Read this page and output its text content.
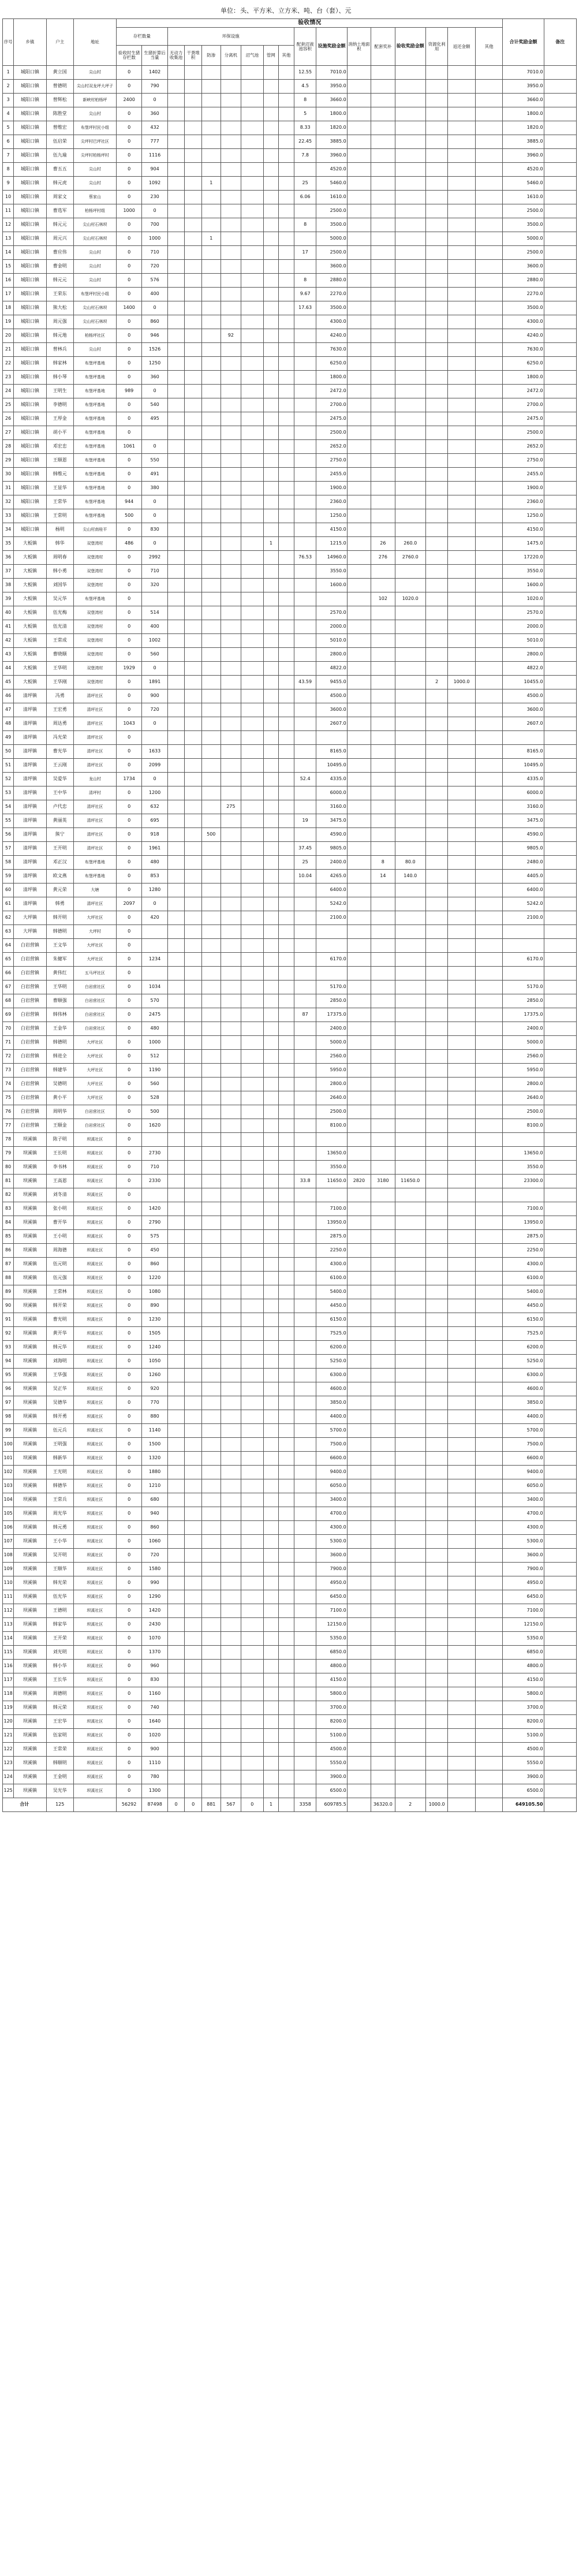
单位： 头、平方米、立方米、吨、台（套）、元
序号	乡镇	户主	地址	验收情况																	合计奖励金额	备注
				存栏数量		环保设施							配套沼液池容积	设施奖励金额	消纳土地面积	配套奖补	验收奖励金额	资源化利用	返还金额	其他		
				验收时生猪存栏数	生猪折算后当量	无动力收集池	干粪堆积	防渗	分离机	沼气池	管网	其他										
1	城阳口镇	黄立国	尖山村	0	1402								12.55	7010.0							7010.0	
2	城阳口镇	曾德明	尖山村双龙坪大坪子	0	790								4.5	3950.0							3950.0	
3	城阳口镇	曾辉松	新峡村柏杨坪	2400	0								8	3660.0							3660.0	
4	城阳口镇	陈胜堂	尖山村	0	360								5	1800.0							1800.0	
5	城阳口镇	曾维宏	布堡坪村民小组	0	432								8.33	1820.0							1820.0	
6	城阳口镇	伍启荣	尖坪村巴坪社区	0	777								22.45	3885.0							3885.0	
7	城阳口镇	伍九瑜	尖坪村柏杨坪村	0	1116								7.8	3960.0							3960.0	
8	城阳口镇	曹五五	尖山村	0	904									4520.0							4520.0	
9	城阳口镇	韩元虎	尖山村	0	1092			1					25	5460.0							5460.0	
10	城阳口镇	周家文	蔡家山	0	230								6.06	1610.0							1610.0	
11	城阳口镇	曹选军	柏杨坪村组	1000	0									2500.0							2500.0	
12	城阳口镇	韩元元	尖山村石林坝	0	700								8	3500.0							3500.0	
13	城阳口镇	周元兴	尖山村石林坝	0	1000			1						5000.0							5000.0	
14	城阳口镇	曹应伟	尖山村	0	710								17	2500.0							2500.0	
15	城阳口镇	曹金明	尖山村	0	720									3600.0							3600.0	
16	城阳口镇	韩元元	尖山村	0	576								8	2880.0							2880.0	
17	城阳口镇	王荣东	布堡坪村民小组	0	400								9.67	2270.0							2270.0	
18	城阳口镇	熊大松	尖山村石林坝	1400	0								17.63	3500.0							3500.0	
19	城阳口镇	周元强	尖山村石林坝	0	860									4300.0							4300.0	
20	城阳口镇	韩元地	柏杨坪社区	0	946				92					4240.0							4240.0	
21	城阳口镇	曾林兵	尖山村	0	1526									7630.0							7630.0	
22	城阳口镇	韩家林	布堡坪基地	0	1250									6250.0							6250.0	
23	城阳口镇	韩小琴	布堡坪基地	0	360									1800.0							1800.0	
24	城阳口镇	王明生	布堡坪基地	989	0									2472.0							2472.0	
25	城阳口镇	李德明	布堡坪基地	0	540									2700.0							2700.0	
26	城阳口镇	王厚金	布堡坪基地	0	495									2475.0							2475.0	
27	城阳口镇	胡小平	布堡坪基地	0										2500.0							2500.0	
28	城阳口镇	邓宏忠	布堡坪基地	1061	0									2652.0							2652.0	
29	城阳口镇	王顺恩	布堡坪基地	0	550									2750.0							2750.0	
30	城阳口镇	韩维元	布堡坪基地	0	491									2455.0							2455.0	
31	城阳口镇	王显华	布堡坪基地	0	380									1900.0							1900.0	
32	城阳口镇	王常华	布堡坪基地	944	0									2360.0							2360.0	
33	城阳口镇	王常明	布堡坪基地	500	0									1250.0							1250.0	
34	城阳口镇	杨明	尖山村南桂平	0	830									4150.0							4150.0	
35	大板镇	韩华	双堡湾村	486	0						1			1215.0		26	260.0				1475.0	
36	大板镇	周明春	双堡湾村	0	2992								76.53	14960.0		276	2760.0				17220.0	
37	大板镇	韩小勇	双堡湾村	0	710									3550.0							3550.0	
38	大板镇	刘国华	双堡湾村	0	320									1600.0							1600.0	
39	大板镇	吴元华	布堡坪基地	0												102	1020.0				1020.0	
40	大板镇	伍光梅	双堡湾村	0	514									2570.0							2570.0	
41	大板镇	伍光清	双堡湾村	0	400									2000.0							2000.0	
42	大板镇	王常成	双堡湾村	0	1002									5010.0							5010.0	
43	大板镇	曹晓顺	双堡湾村	0	560									2800.0							2800.0	
44	大板镇	王华明	双堡湾村	1929	0									4822.0							4822.0	
45	大板镇	王华刚	双堡湾村	0	1891								43.59	9455.0				2	1000.0		10455.0	
46	清坪镇	冯勇	清坪社区	0	900									4500.0							4500.0	
47	清坪镇	王宏勇	清坪社区	0	720									3600.0							3600.0	
48	清坪镇	周达勇	清坪社区	1043	0									2607.0							2607.0	
49	清坪镇	冯光荣	清坪社区	0																		
50	清坪镇	曹光华	清坪社区	0	1633									8165.0							8165.0	
51	清坪镇	王云刚	清坪社区	0	2099									10495.0							10495.0	
52	清坪镇	吴爱华	龙山村	1734	0								52.4	4335.0							4335.0	
53	清坪镇	王中华	清坪村	0	1200									6000.0							6000.0	
54	清坪镇	卢代忠	清坪社区	0	632				275					3160.0							3160.0	
55	清坪镇	黄丽英	清坪社区	0	695								19	3475.0							3475.0	
56	清坪镇	熊宁	清坪社区	0	918			500						4590.0							4590.0	
57	清坪镇	王开明	清坪社区	0	1961								37.45	9805.0							9805.0	
58	清坪镇	邓正汉	布堡坪基地	0	480								25	2400.0		8	80.0				2480.0	
59	清坪镇	欧文燕	布堡坪基地	0	853								10.04	4265.0		14	140.0				4405.0	
60	清坪镇	黄元荣	大塘	0	1280									6400.0							6400.0	
61	清坪镇	韩勇	清坪社区	2097	0									5242.0							5242.0	
62	大坪镇	韩开明	大坪社区	0	420									2100.0							2100.0	
63	大坪镇	韩德明	大坪村	0																		
64	白岩营镇	王文华	大坪社区	0																		
65	白岩营镇	朱健军	大坪社区	0	1234									6170.0							6170.0	
66	白岩营镇	黄伟红	五马坪社区	0																		
67	白岩营镇	王华明	白岩营社区	0	1034									5170.0							5170.0	
68	白岩营镇	曹顺强	白岩营社区	0	570									2850.0							2850.0	
69	白岩营镇	韩伟林	白岩营社区	0	2475								87	17375.0							17375.0	
70	白岩营镇	王金华	白岩营社区	0	480									2400.0							2400.0	
71	白岩营镇	韩德明	大坪社区	0	1000									5000.0							5000.0	
72	白岩营镇	韩进全	大坪社区	0	512									2560.0							2560.0	
73	白岩营镇	韩建华	大坪社区	0	1190									5950.0							5950.0	
74	白岩营镇	吴德明	大坪社区	0	560									2800.0							2800.0	
75	白岩营镇	黄小平	大坪社区	0	528									2640.0							2640.0	
76	白岩营镇	周明华	白岩营社区	0	500									2500.0							2500.0	
77	白岩营镇	王顺金	白岩营社区	0	1620									8100.0							8100.0	
78	坝溪镇	陈子明	坝溪社区	0																		
79	坝溪镇	王长明	坝溪社区	0	2730									13650.0							13650.0	
80	坝溪镇	李书林	坝溪社区	0	710									3550.0							3550.0	
81	坝溪镇	王高恩	坝溪社区	0	2330								33.8	11650.0	2820	3180	11650.0				23300.0	
82	坝溪镇	刘冬清	坝溪社区	0																		
83	坝溪镇	张小明	坝溪社区	0	1420									7100.0							7100.0	
84	坝溪镇	曹开华	坝溪社区	0	2790									13950.0							13950.0	
85	坝溪镇	王小明	坝溪社区	0	575									2875.0							2875.0	
86	坝溪镇	周海德	坝溪社区	0	450									2250.0							2250.0	
87	坝溪镇	伍元明	坝溪社区	0	860									4300.0							4300.0	
88	坝溪镇	伍元强	坝溪社区	0	1220									6100.0							6100.0	
89	坝溪镇	王常林	坝溪社区	0	1080									5400.0							5400.0	
90	坝溪镇	韩开荣	坝溪社区	0	890									4450.0							4450.0	
91	坝溪镇	曹光明	坝溪社区	0	1230									6150.0							6150.0	
92	坝溪镇	黄开华	坝溪社区	0	1505									7525.0							7525.0	
93	坝溪镇	韩元华	坝溪社区	0	1240									6200.0							6200.0	
94	坝溪镇	刘海明	坝溪社区	0	1050									5250.0							5250.0	
95	坝溪镇	王华强	坝溪社区	0	1260									6300.0							6300.0	
96	坝溪镇	吴正华	坝溪社区	0	920									4600.0							4600.0	
97	坝溪镇	吴德华	坝溪社区	0	770									3850.0							3850.0	
98	坝溪镇	韩开勇	坝溪社区	0	880									4400.0							4400.0	
99	坝溪镇	伍元兵	坝溪社区	0	1140									5700.0							5700.0	
100	坝溪镇	王明强	坝溪社区	0	1500									7500.0							7500.0	
101	坝溪镇	韩新华	坝溪社区	0	1320									6600.0							6600.0	
102	坝溪镇	王光明	坝溪社区	0	1880									9400.0							9400.0	
103	坝溪镇	韩德华	坝溪社区	0	1210									6050.0							6050.0	
104	坝溪镇	王常兵	坝溪社区	0	680									3400.0							3400.0	
105	坝溪镇	周光华	坝溪社区	0	940									4700.0							4700.0	
106	坝溪镇	韩元勇	坝溪社区	0	860									4300.0							4300.0	
107	坝溪镇	王小华	坝溪社区	0	1060									5300.0							5300.0	
108	坝溪镇	吴开明	坝溪社区	0	720									3600.0							3600.0	
109	坝溪镇	王顺华	坝溪社区	0	1580									7900.0							7900.0	
110	坝溪镇	韩光荣	坝溪社区	0	990									4950.0							4950.0	
111	坝溪镇	伍光华	坝溪社区	0	1290									6450.0							6450.0	
112	坝溪镇	王德明	坝溪社区	0	1420									7100.0							7100.0	
113	坝溪镇	韩家华	坝溪社区	0	2430									12150.0							12150.0	
114	坝溪镇	王开荣	坝溪社区	0	1070									5350.0							5350.0	
115	坝溪镇	刘光明	坝溪社区	0	1370									6850.0							6850.0	
116	坝溪镇	韩小华	坝溪社区	0	960									4800.0							4800.0	
117	坝溪镇	王长华	坝溪社区	0	830									4150.0							4150.0	
118	坝溪镇	周德明	坝溪社区	0	1160									5800.0							5800.0	
119	坝溪镇	韩元荣	坝溪社区	0	740									3700.0							3700.0	
120	坝溪镇	王宏华	坝溪社区	0	1640									8200.0							8200.0	
121	坝溪镇	伍家明	坝溪社区	0	1020									5100.0							5100.0	
122	坝溪镇	王常荣	坝溪社区	0	900									4500.0							4500.0	
123	坝溪镇	韩顺明	坝溪社区	0	1110									5550.0							5550.0	
124	坝溪镇	王金明	坝溪社区	0	780									3900.0							3900.0	
125	坝溪镇	吴光华	坝溪社区	0	1300									6500.0							6500.0	
合计		125		56292	87498	0	0	881	567	0	1		3358	609785.5		36320.0	2	1000.0			649105.50	
